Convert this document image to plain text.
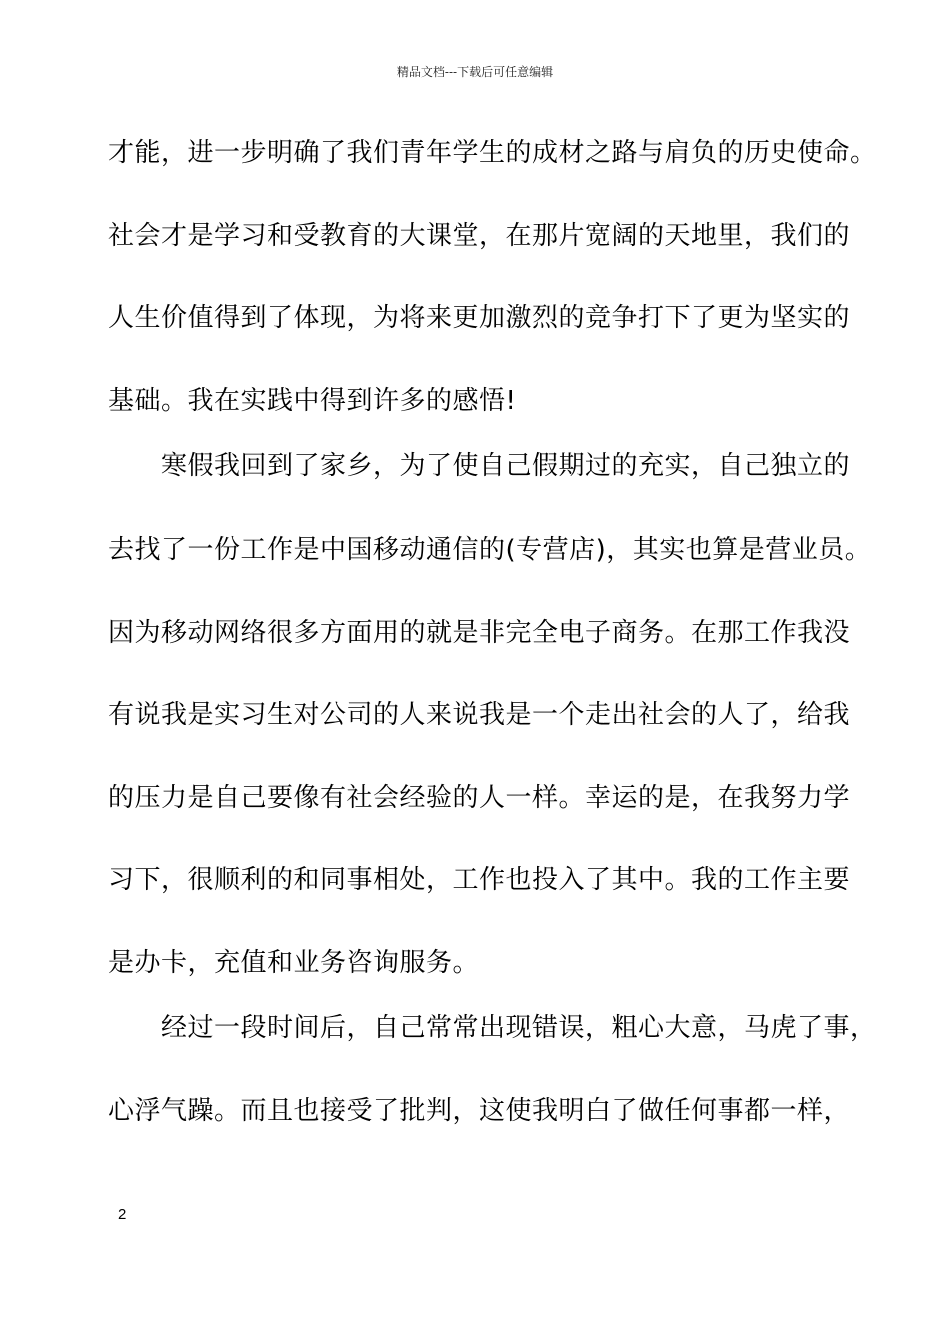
精品文档---下载后可任意编辑
才能，进一步明确了我们青年学生的成材之路与肩负的历史使命。
社会才是学习和受教育的大课堂，在那片宽阔的天地里，我们的
人生价值得到了体现，为将来更加激烈的竞争打下了更为坚实的
基础。我在实践中得到许多的感悟!
　　寒假我回到了家乡，为了使自己假期过的充实，自己独立的
去找了一份工作是中国移动通信的(专营店)，其实也算是营业员。
因为移动网络很多方面用的就是非完全电子商务。在那工作我没
有说我是实习生对公司的人来说我是一个走出社会的人了，给我
的压力是自己要像有社会经验的人一样。幸运的是，在我努力学
习下，很顺利的和同事相处，工作也投入了其中。我的工作主要
是办卡，充值和业务咨询服务。
　　经过一段时间后，自己常常出现错误，粗心大意，马虎了事，
心浮气躁。而且也接受了批判，这使我明白了做任何事都一样，
2
